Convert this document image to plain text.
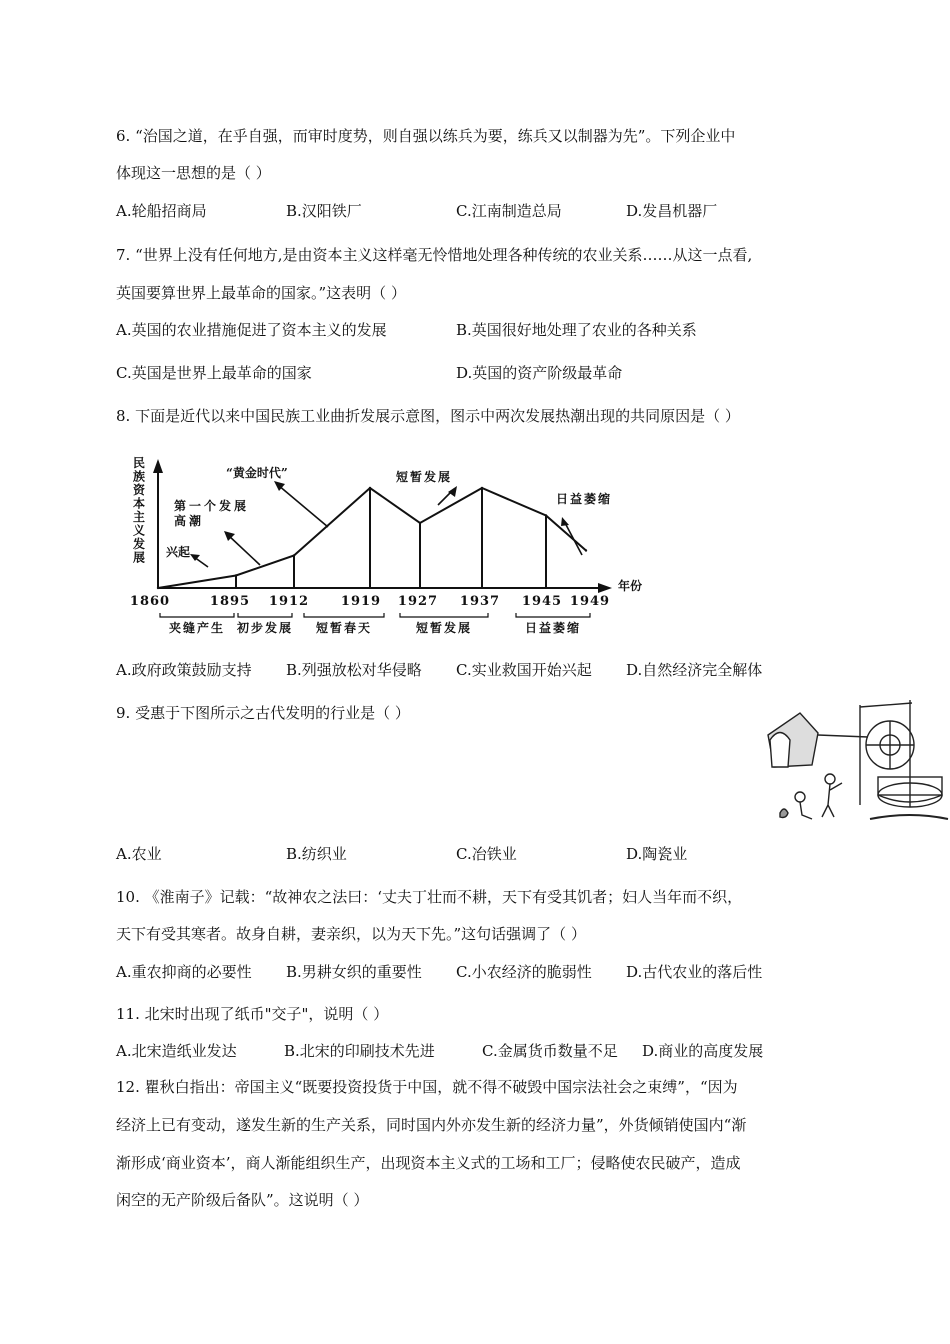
6. “治国之道，在乎自强，而审时度势，则自强以练兵为要，练兵又以制器为先”。下列企业中
体现这一思想的是（ ）
A.轮船招商局	B.汉阳铁厂	C.江南制造总局	D.发昌机器厂
7. “世界上没有任何地方,是由资本主义这样毫无怜惜地处理各种传统的农业关系……从这一点看,
英国要算世界上最革命的国家。”这表明（ ）
A.英国的农业措施促进了资本主义的发展	B.英国很好地处理了农业的各种关系
C.英国是世界上最革命的国家	D.英国的资产阶级最革命
8. 下面是近代以来中国民族工业曲折发展示意图，图示中两次发展热潮出现的共同原因是（ ）
民
族
资
本
主
义
发
展
年份
1860	1895 1912 1919 1927 1937 1945 1949
兴起
第一个发展高潮
“黄金时代”	短暂发展
日益萎缩
夹缝产生 初步发展 短暂春天	短暂发展	日益萎缩
A.政府政策鼓励支持 B.列强放松对华侵略 C.实业救国开始兴起 D.自然经济完全解体
9. 受惠于下图所示之古代发明的行业是（ ）
A.农业	B.纺织业	C.冶铁业	D.陶瓷业
10. 《淮南子》记载：“故神农之法曰：‘丈夫丁壮而不耕，天下有受其饥者；妇人当年而不织，
天下有受其寒者。故身自耕，妻亲织，以为天下先。”这句话强调了（ ）
A.重农抑商的必要性 B.男耕女织的重要性 C.小农经济的脆弱性 D.古代农业的落后性
11. 北宋时出现了纸币"交子"，说明（ ）
A.北宋造纸业发达	B.北宋的印刷技术先进	C.金属货币数量不足 D.商业的高度发展
12. 瞿秋白指出：帝国主义“既要投资投货于中国，就不得不破毁中国宗法社会之束缚”，“因为
经济上已有变动，遂发生新的生产关系，同时国内外亦发生新的经济力量”，外货倾销使国内“渐
渐形成‘商业资本’，商人渐能组织生产，出现资本主义式的工场和工厂；侵略使农民破产，造成
闲空的无产阶级后备队”。这说明（ ）
